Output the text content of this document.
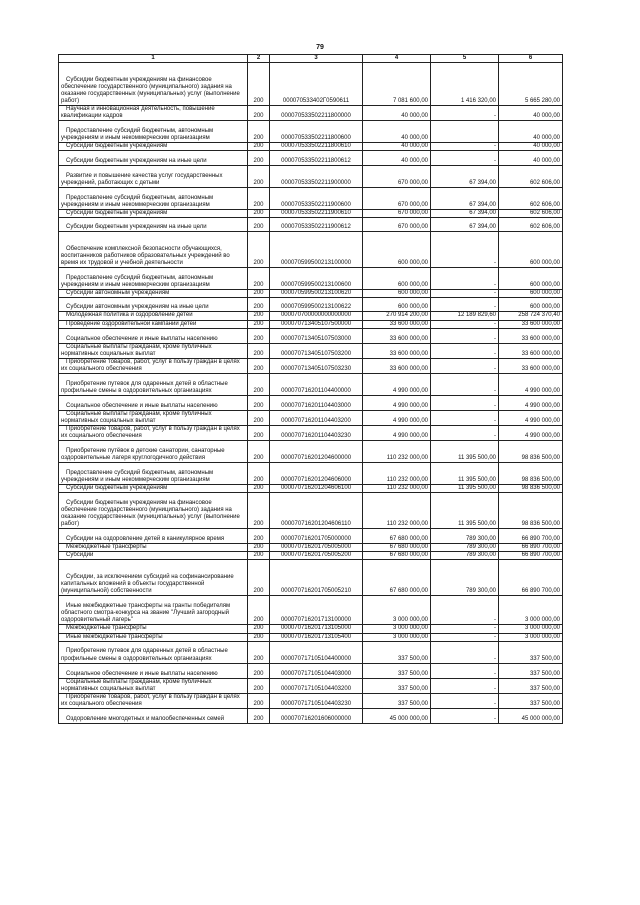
79
1	2	3	4	5	6

Субсидии бюджетным учреждениям на финансовое обеспечение государственного (муниципального) задания на оказание государственных (муниципальных) услуг (выполнение работ)	200	000070533402Г0590611	7 081 600,00	1 416 320,00	5 665 280,00

Научная и инновационная деятельность, повышение квалификации кадров	200	000070533502211800000	40 000,00	-	40 000,00

Предоставление субсидий бюджетным, автономным учреждениям и иным некоммерческим организациям	200	000070533502211800600	40 000,00		40 000,00

Субсидии бюджетным учреждениям	200	000070533502211800610	40 000,00	-	40 000,00

Субсидии бюджетным учреждениям на иные цели	200	000070533502211800612	40 000,00	-	40 000,00

Развитие и повышение качества услуг государственных учреждений, работающих с детьми	200	000070533502211900000	670 000,00	67 394,00	602 606,00

Предоставление субсидий бюджетным, автономным учреждениям и иным некоммерческим организациям	200	000070533502211900600	670 000,00	67 394,00	602 606,00

Субсидии бюджетным учреждениям	200	000070533502211900610	670 000,00	67 394,00	602 606,00

Субсидии бюджетным учреждениям на иные цели	200	000070533502211900612	670 000,00	67 394,00	602 606,00

Обеспечение комплексной безопасности обучающихся, воспитанников работников образовательных учреждений во время их трудовой и учебной деятельности	200	000070599500213100000	600 000,00	-	600 000,00

Предоставление субсидий бюджетным, автономным учреждениям и иным некоммерческим организациям	200	000070599500213100600	600 000,00	-	600 000,00

Субсидии автономным учреждениям	200	000070599500213100620	600 000,00	-	600 000,00

Субсидии автономным учреждениям на иные цели	200	000070599500213100622	600 000,00	-	600 000,00

Молодежная политика и оздоровление детей	200	000070700000000000000	270 914 200,00	12 189 829,60	258 724 370,40

Проведение оздоровительной кампании детей	200	000070713405107500000	33 600 000,00	-	33 600 000,00

Социальное обеспечение и иные выплаты населению	200	000070713405107503000	33 600 000,00	-	33 600 000,00

Социальные выплаты гражданам, кроме публичных нормативных социальных выплат	200	000070713405107503200	33 600 000,00	-	33 600 000,00

Приобретение товаров, работ, услуг в пользу граждан в целях их социального обеспечения	200	000070713405107503230	33 600 000,00	-	33 600 000,00

Приобретение путевок для одаренных детей в областные профильные смены в оздоровительных организациях	200	000070716201104400000	4 990 000,00	-	4 990 000,00

Социальное обеспечение и иные выплаты населению	200	000070716201104403000	4 990 000,00	-	4 990 000,00

Социальные выплаты гражданам, кроме публичных нормативных социальных выплат	200	000070716201104403200	4 990 000,00	-	4 990 000,00

Приобретение товаров, работ, услуг в пользу граждан в целях их социального обеспечения	200	000070716201104403230	4 990 000,00	-	4 990 000,00

Приобретение путёвок в детские санатории, санаторные оздоровительные лагеря круглогодичного действия	200	000070716201204600000	110 232 000,00	11 395 500,00	98 836 500,00

Предоставление субсидий бюджетным, автономным учреждениям и иным некоммерческим организациям	200	000070716201204606000	110 232 000,00	11 395 500,00	98 836 500,00

Субсидии бюджетным учреждениям	200	000070716201204606100	110 232 000,00	11 395 500,00	98 836 500,00

Субсидии бюджетным учреждениям на финансовое обеспечение государственного (муниципального) задания на оказание государственных (муниципальных) услуг (выполнение работ)	200	000070716201204606110	110 232 000,00	11 395 500,00	98 836 500,00

Субсидии на оздоровление детей в каникулярное время	200	000070716201705000000	67 680 000,00	789 300,00	66 890 700,00

Межбюджетные трансферты	200	000070716201705005000	67 680 000,00	789 300,00	66 890 700,00

Субсидии	200	000070716201705005200	67 680 000,00	789 300,00	66 890 700,00

Субсидии, за исключением субсидий на софинансирование капитальных вложений в объекты государственной (муниципальной) собственности	200	000070716201705005210	67 680 000,00	789 300,00	66 890 700,00

Иные межбюджетные трансферты на гранты победителям областного смотра-конкурса на звание "Лучший загородный оздоровительный лагерь"	200	000070716201713100000	3 000 000,00	-	3 000 000,00

Межбюджетные трансферты	200	000070716201713105000	3 000 000,00	-	3 000 000,00

Иные межбюджетные трансферты	200	000070716201713105400	3 000 000,00	-	3 000 000,00

Приобретение путевок для одаренных детей в областные профильные смены в оздоровительных организациях	200	000070717105104400000	337 500,00	-	337 500,00

Социальное обеспечение и иные выплаты населению	200	000070717105104403000	337 500,00	-	337 500,00

Социальные выплаты гражданам, кроме публичных нормативных социальных выплат	200	000070717105104403200	337 500,00	-	337 500,00

Приобретение товаров, работ, услуг в пользу граждан в целях их социального обеспечения	200	000070717105104403230	337 500,00	-	337 500,00

Оздоровление многодетных и малообеспеченных семей	200	000070716201606000000	45 000 000,00	-	45 000 000,00
